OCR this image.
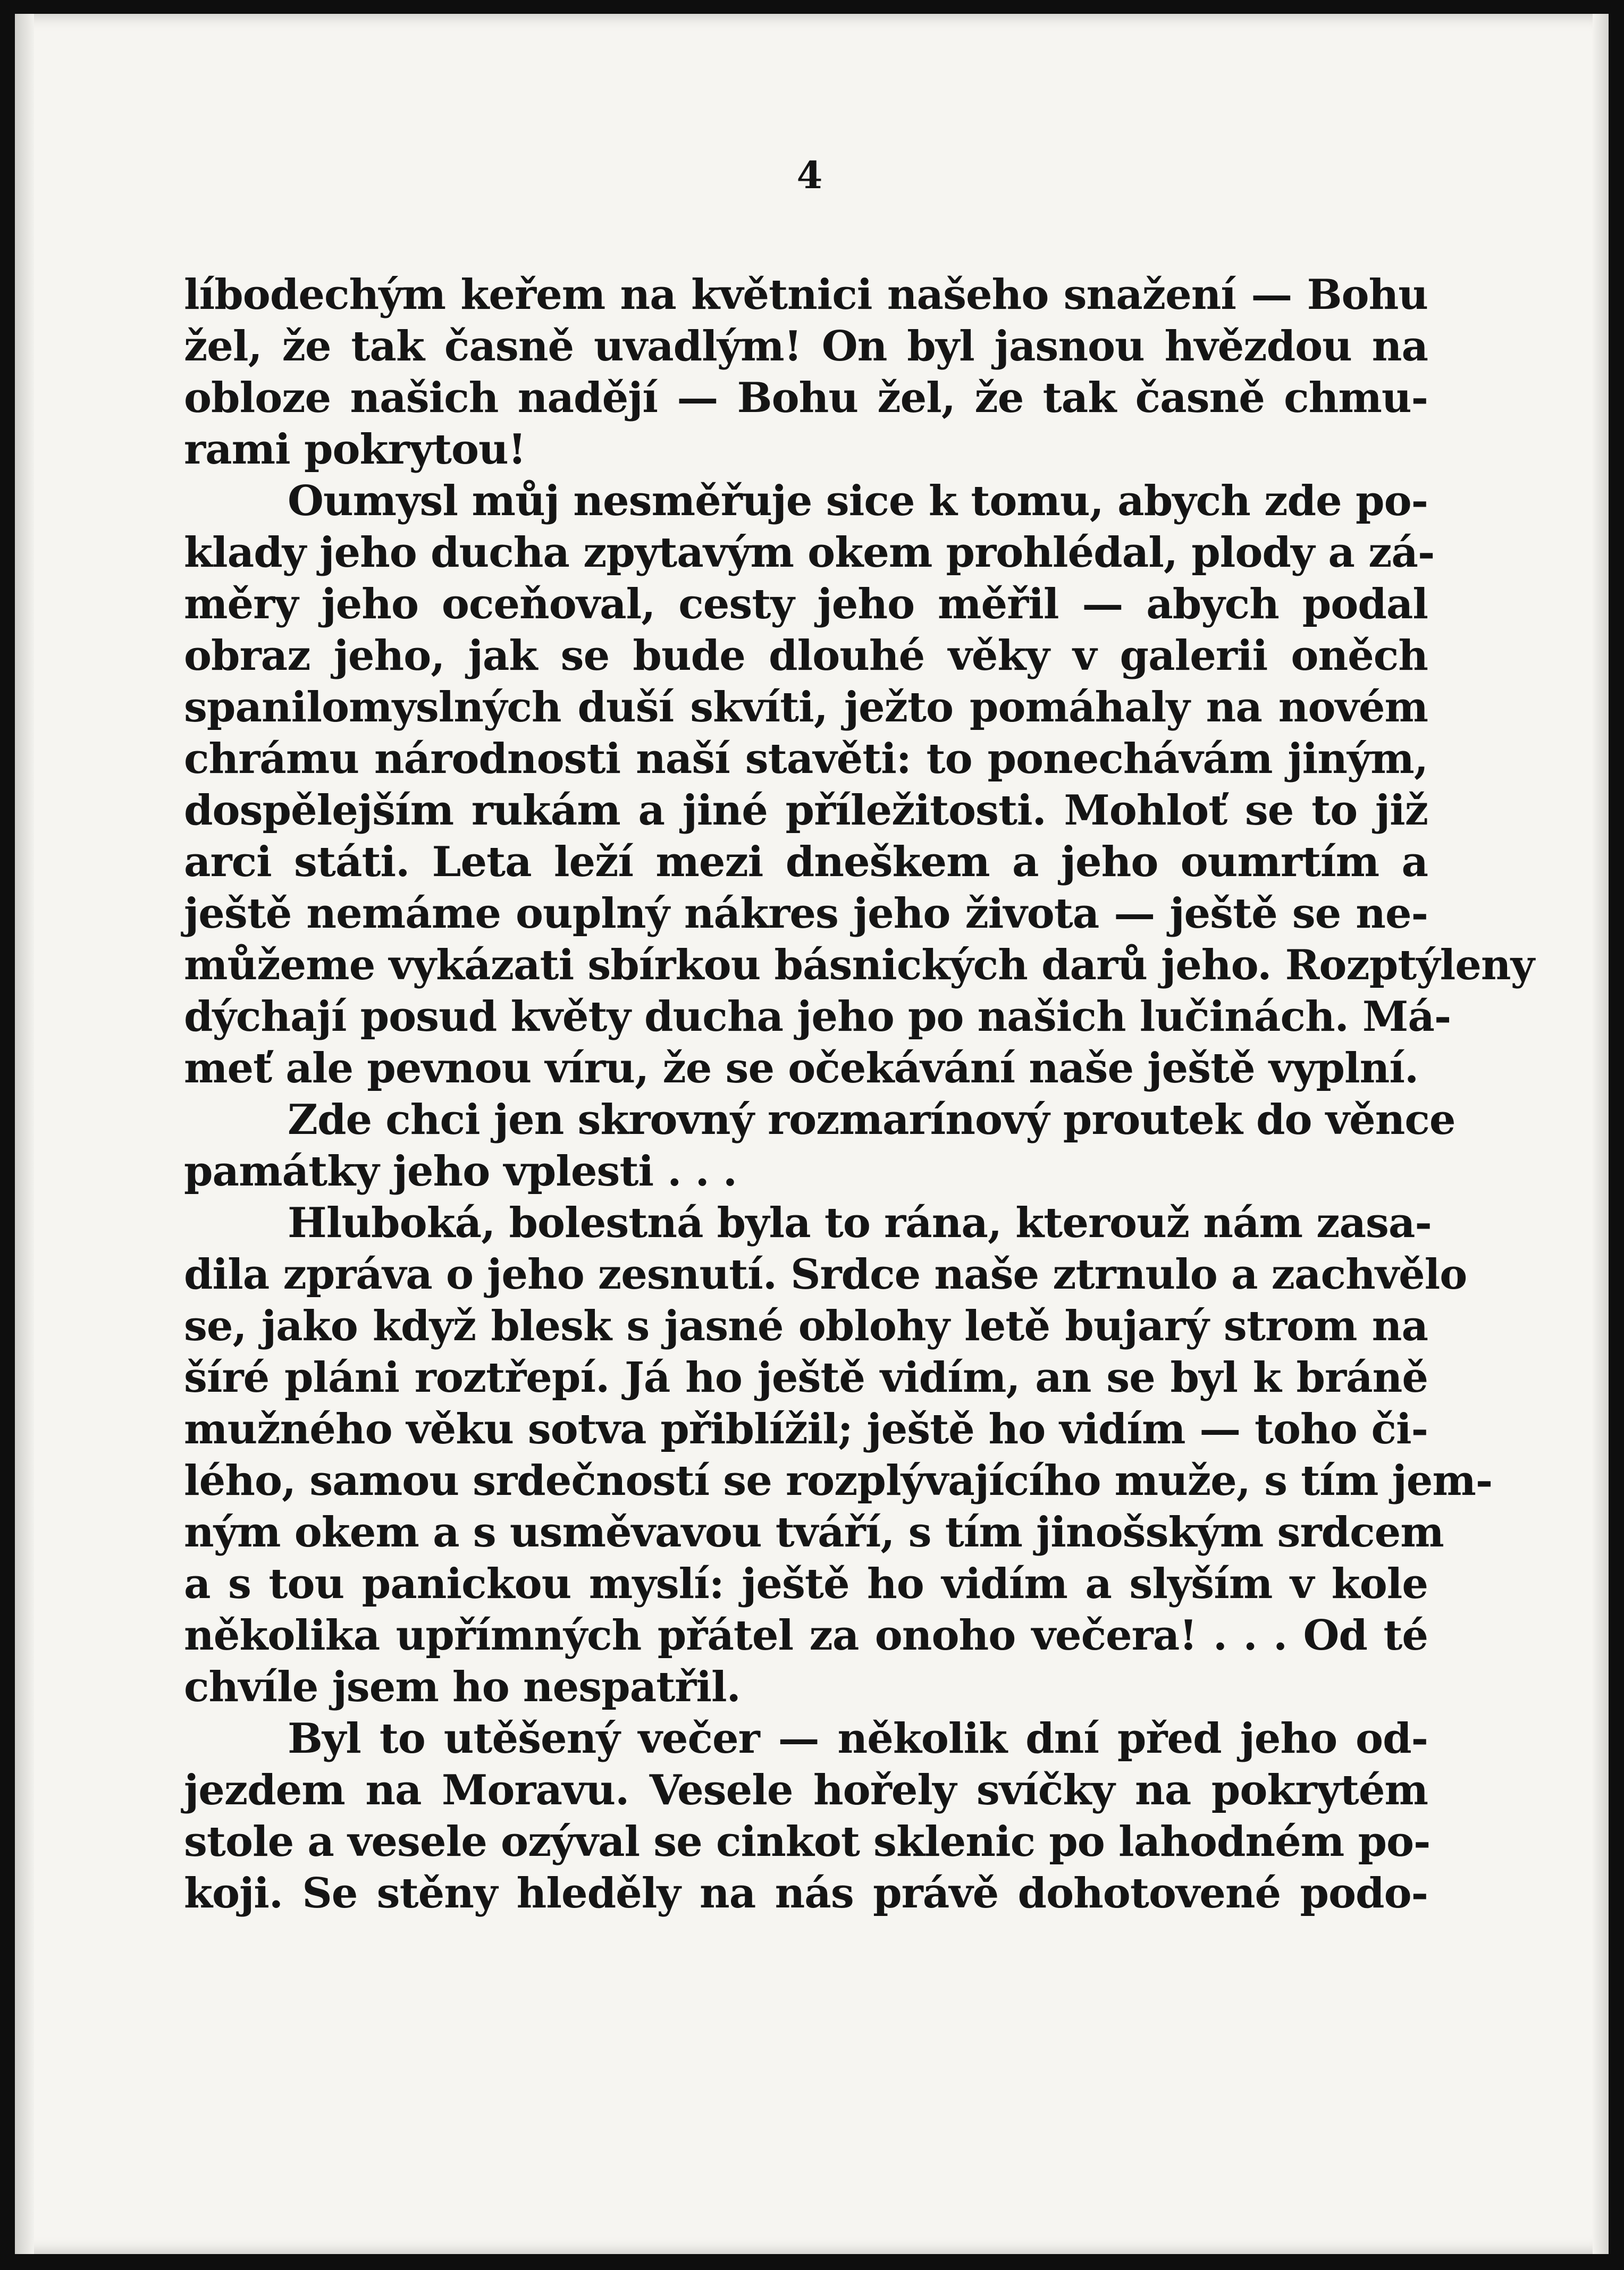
4
líbodechým keřem na květnici našeho snažení — Bohu
žel, že tak časně uvadlým! On byl jasnou hvězdou na
obloze našich nadějí — Bohu žel, že tak časně chmu-
rami pokrytou!
Oumysl můj nesměřuje sice k tomu, abych zde po-
klady jeho ducha zpytavým okem prohlédal, plody a zá-
měry jeho oceňoval, cesty jeho měřil — abych podal
obraz jeho, jak se bude dlouhé věky v galerii oněch
spanilomyslných duší skvíti, ježto pomáhaly na novém
chrámu národnosti naší stavěti: to ponechávám jiným,
dospělejším rukám a jiné příležitosti. Mohloť se to již
arci státi. Leta leží mezi dneškem a jeho oumrtím a
ještě nemáme ouplný nákres jeho života — ještě se ne-
můžeme vykázati sbírkou básnických darů jeho. Rozptýleny
dýchají posud květy ducha jeho po našich lučinách. Má-
meť ale pevnou víru, že se očekávání naše ještě vyplní.
Zde chci jen skrovný rozmarínový proutek do věnce
památky jeho vplesti . . .
Hluboká, bolestná byla to rána, kterouž nám zasa-
dila zpráva o jeho zesnutí. Srdce naše ztrnulo a zachvělo
se, jako když blesk s jasné oblohy letě bujarý strom na
šíré pláni roztřepí. Já ho ještě vidím, an se byl k bráně
mužného věku sotva přiblížil; ještě ho vidím — toho či-
lého, samou srdečností se rozplývajícího muže, s tím jem-
ným okem a s usměvavou tváří, s tím jinošským srdcem
a s tou panickou myslí: ještě ho vidím a slyším v kole
několika upřímných přátel za onoho večera! . . . Od té
chvíle jsem ho nespatřil.
Byl to utěšený večer — několik dní před jeho od-
jezdem na Moravu. Vesele hořely svíčky na pokrytém
stole a vesele ozýval se cinkot sklenic po lahodném po-
koji. Se stěny hleděly na nás právě dohotovené podo-
